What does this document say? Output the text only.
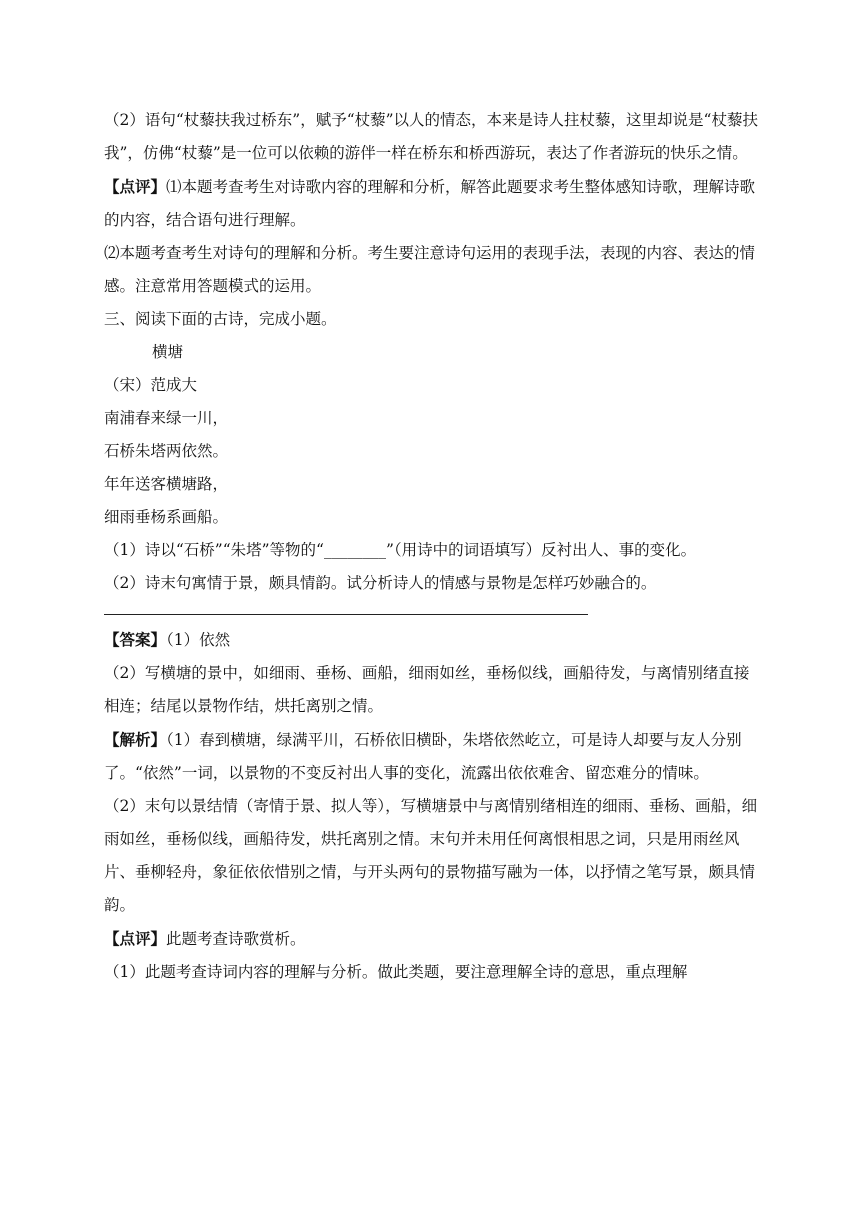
（2）语句“杖藜扶我过桥东”，赋予“杖藜”以人的情态，本来是诗人拄杖藜，这里却说是“杖藜扶我”，仿佛“杖藜”是一位可以依赖的游伴一样在桥东和桥西游玩，表达了作者游玩的快乐之情。

【点评】⑴本题考查考生对诗歌内容的理解和分析，解答此题要求考生整体感知诗歌，理解诗歌的内容，结合语句进行理解。

⑵本题考查考生对诗句的理解和分析。考生要注意诗句运用的表现手法，表现的内容、表达的情感。注意常用答题模式的运用。

三、阅读下面的古诗，完成小题。

横塘

（宋）范成大

南浦春来绿一川，

石桥朱塔两依然。

年年送客横塘路，

细雨垂杨系画船。

（1）诗以“石桥”“朱塔”等物的“________”（用诗中的词语填写）反衬出人、事的变化。

（2）诗末句寓情于景，颇具情韵。试分析诗人的情感与景物是怎样巧妙融合的。

【答案】（1）依然

（2）写横塘的景中，如细雨、垂杨、画船，细雨如丝，垂杨似线，画船待发，与离情别绪直接相连；结尾以景物作结，烘托离别之情。

【解析】（1）春到横塘，绿满平川，石桥依旧横卧，朱塔依然屹立，可是诗人却要与友人分别了。“依然”一词，以景物的不变反衬出人事的变化，流露出依依难舍、留恋难分的情味。

（2）末句以景结情（寄情于景、拟人等），写横塘景中与离情别绪相连的细雨、垂杨、画船，细雨如丝，垂杨似线，画船待发，烘托离别之情。末句并未用任何离恨相思之词，只是用雨丝风片、垂柳轻舟，象征依依惜别之情，与开头两句的景物描写融为一体，以抒情之笔写景，颇具情韵。

【点评】此题考查诗歌赏析。

（1）此题考查诗词内容的理解与分析。做此类题，要注意理解全诗的意思，重点理解
